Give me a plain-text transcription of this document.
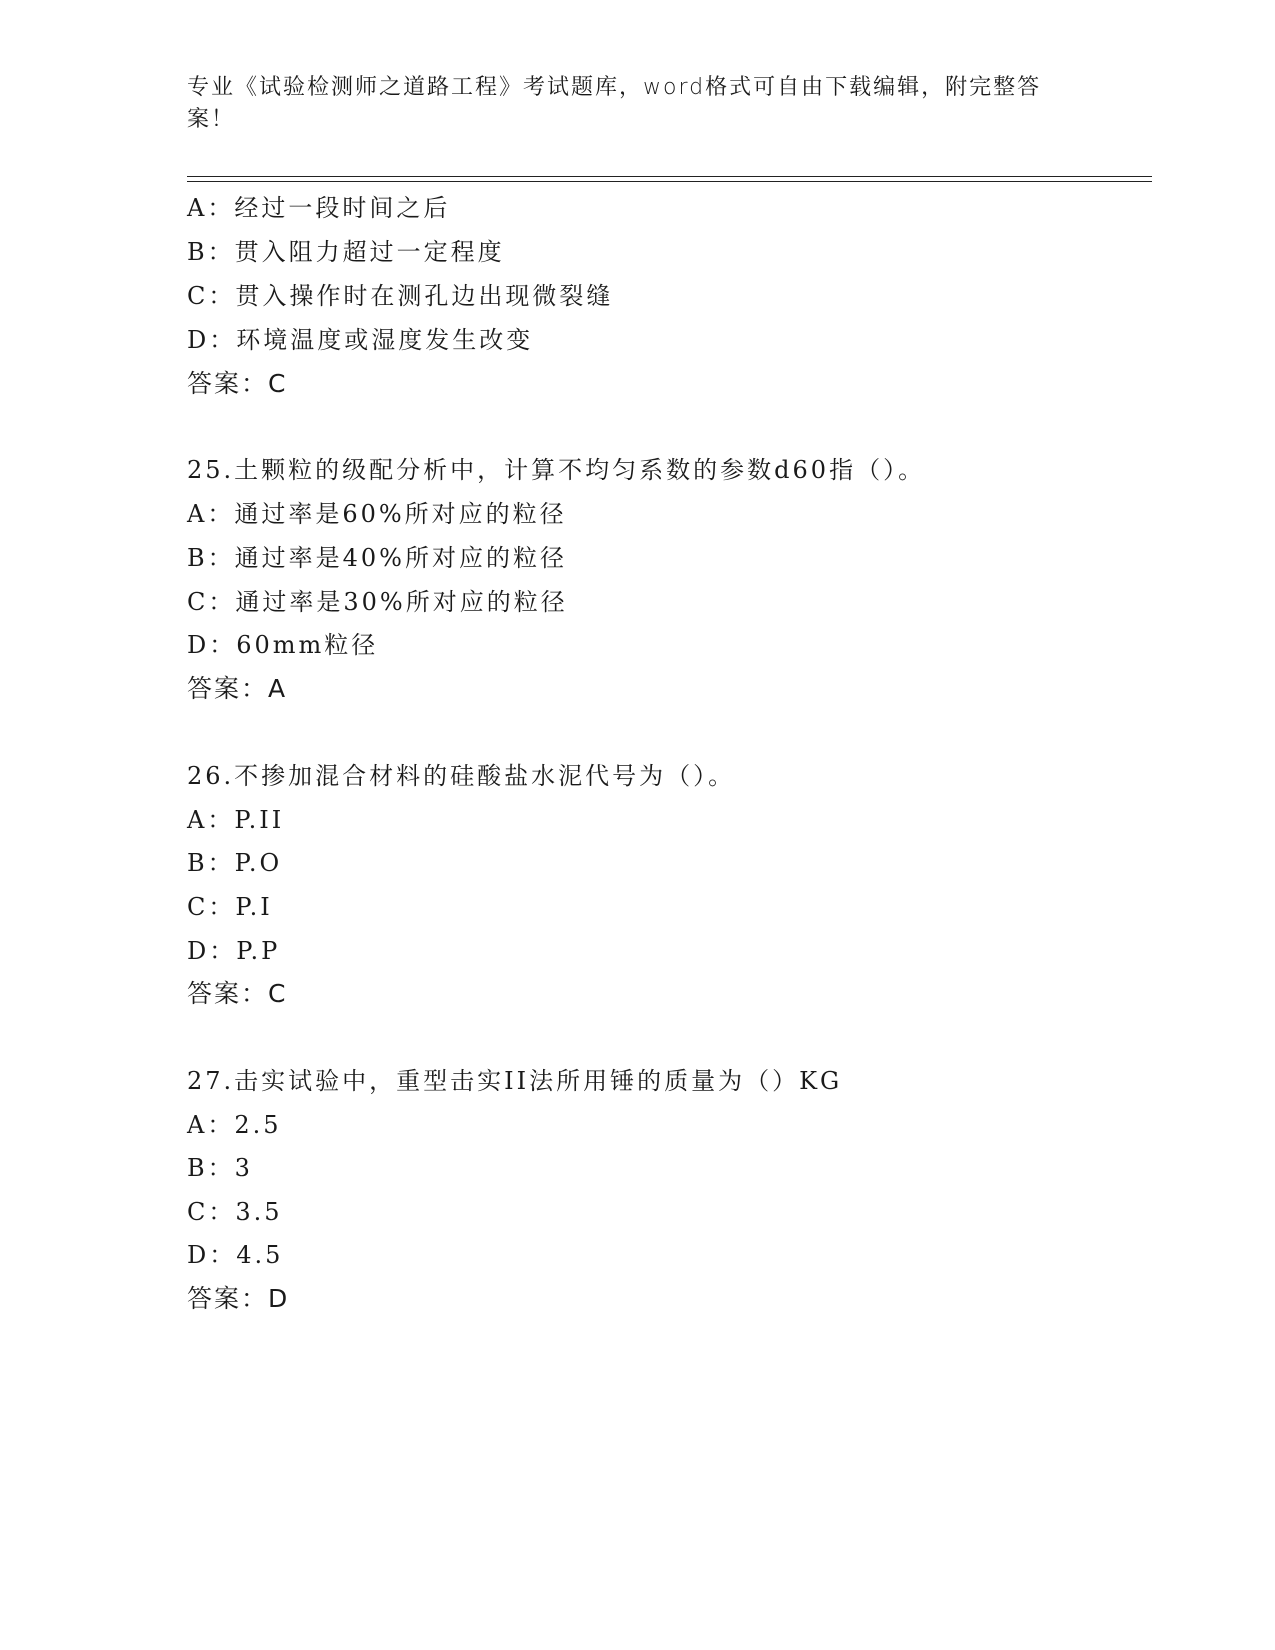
专业《试验检测师之道路工程》考试题库，word格式可自由下载编辑，附完整答
案！
A：经过一段时间之后
B：贯入阻力超过一定程度
C：贯入操作时在测孔边出现微裂缝
D：环境温度或湿度发生改变
答案：C
25.土颗粒的级配分析中，计算不均匀系数的参数d60指（）。
A：通过率是60%所对应的粒径
B：通过率是40%所对应的粒径
C：通过率是30%所对应的粒径
D：60mm粒径
答案：A
26.不掺加混合材料的硅酸盐水泥代号为（）。
A：P.II
B：P.O
C：P.I
D：P.P
答案：C
27.击实试验中，重型击实II法所用锤的质量为（）KG
A：2.5
B：3
C：3.5
D：4.5
答案：D
